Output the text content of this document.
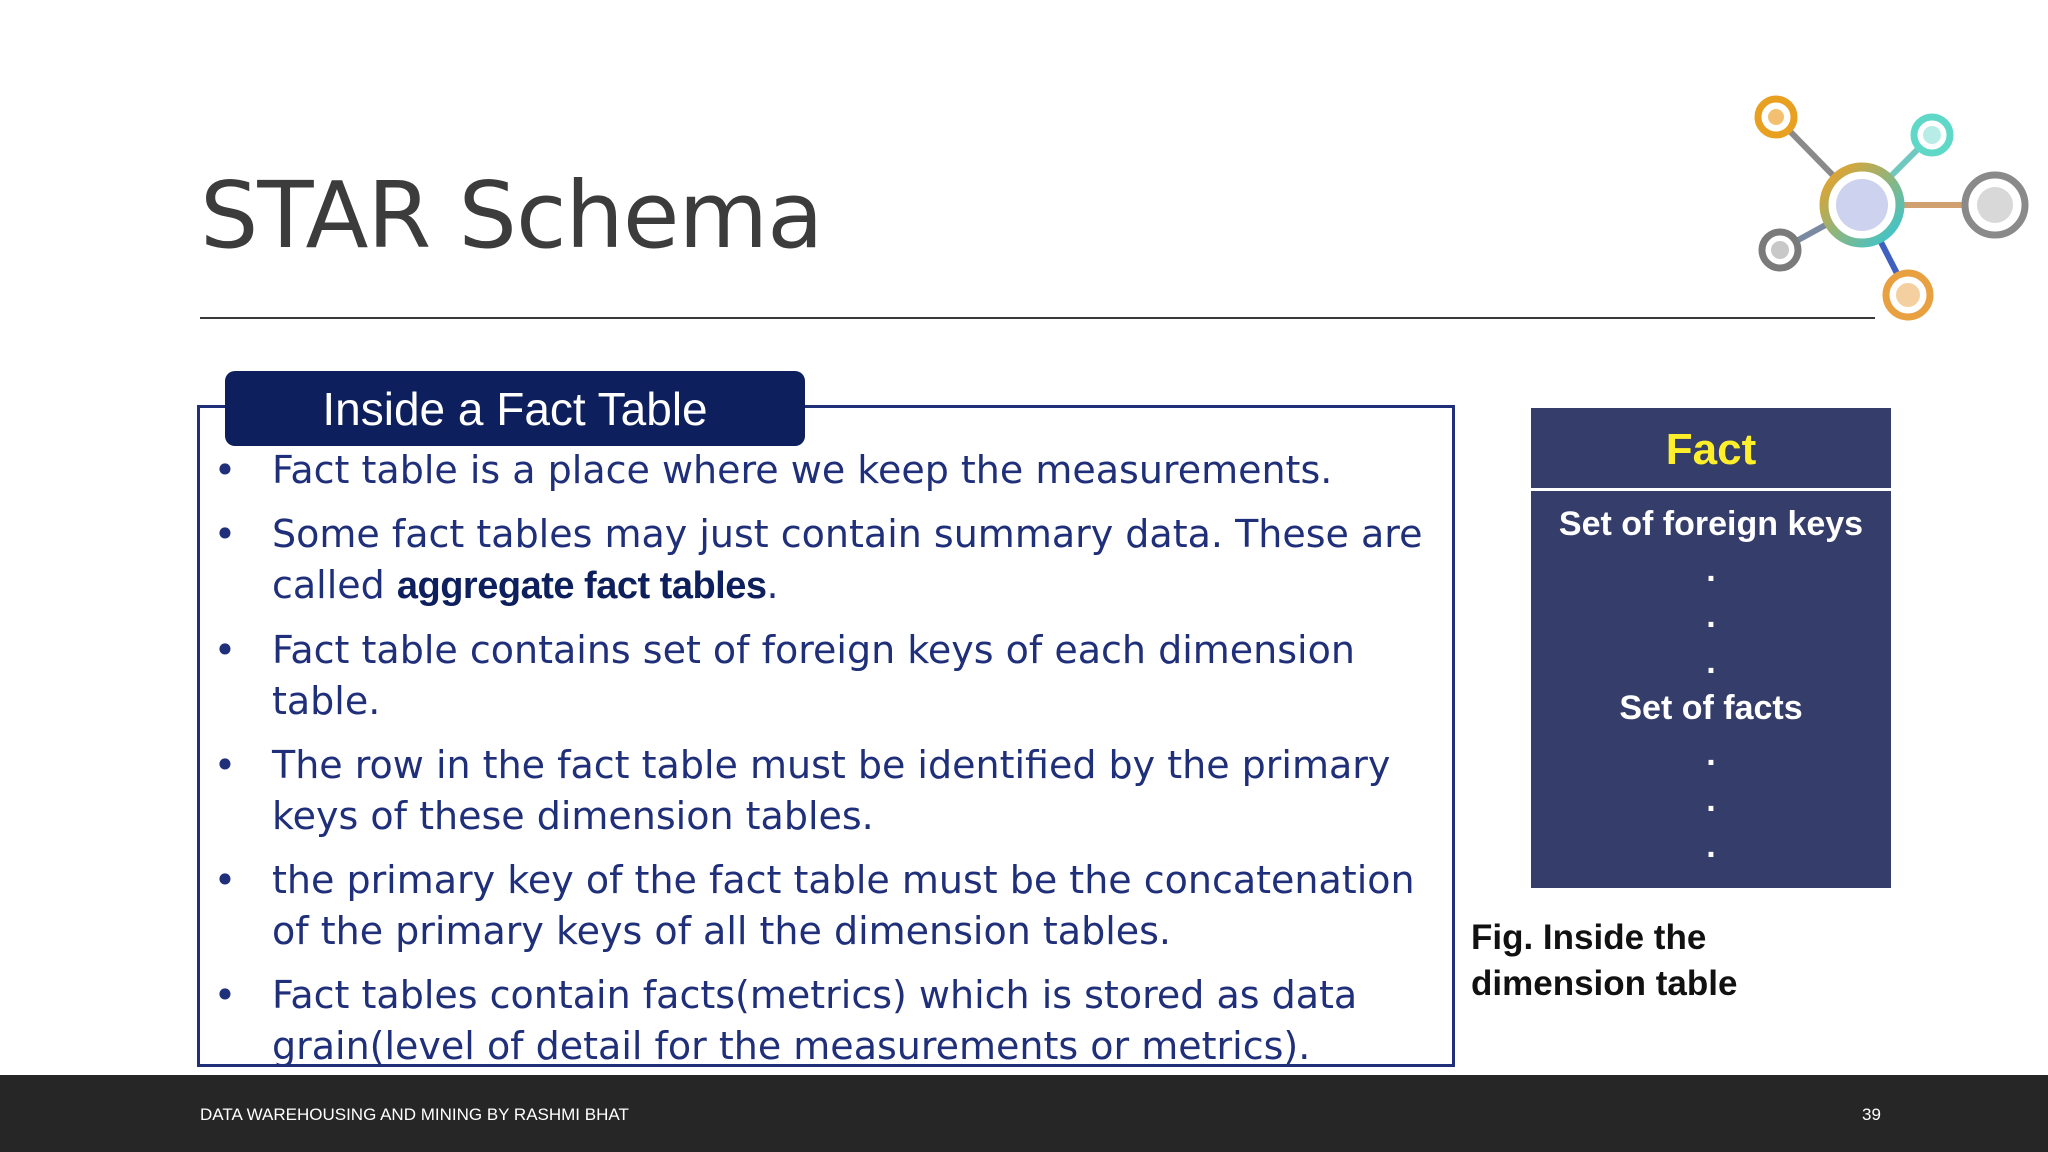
STAR Schema
Inside a Fact Table
• Fact table is a place where we keep the measurements.
• Some fact tables may just contain summary data. These are called aggregate fact tables.
• Fact table contains set of foreign keys of each dimension table.
• The row in the fact table must be identified by the primary keys of these dimension tables.
• the primary key of the fact table must be the concatenation of the primary keys of all the dimension tables.
• Fact tables contain facts(metrics) which is stored as data grain(level of detail for the measurements or metrics).
Fact
Set of foreign keys
.
.
.
Set of facts
.
.
.
Fig. Inside the dimension table
DATA WAREHOUSING AND MINING BY RASHMI BHAT	39
